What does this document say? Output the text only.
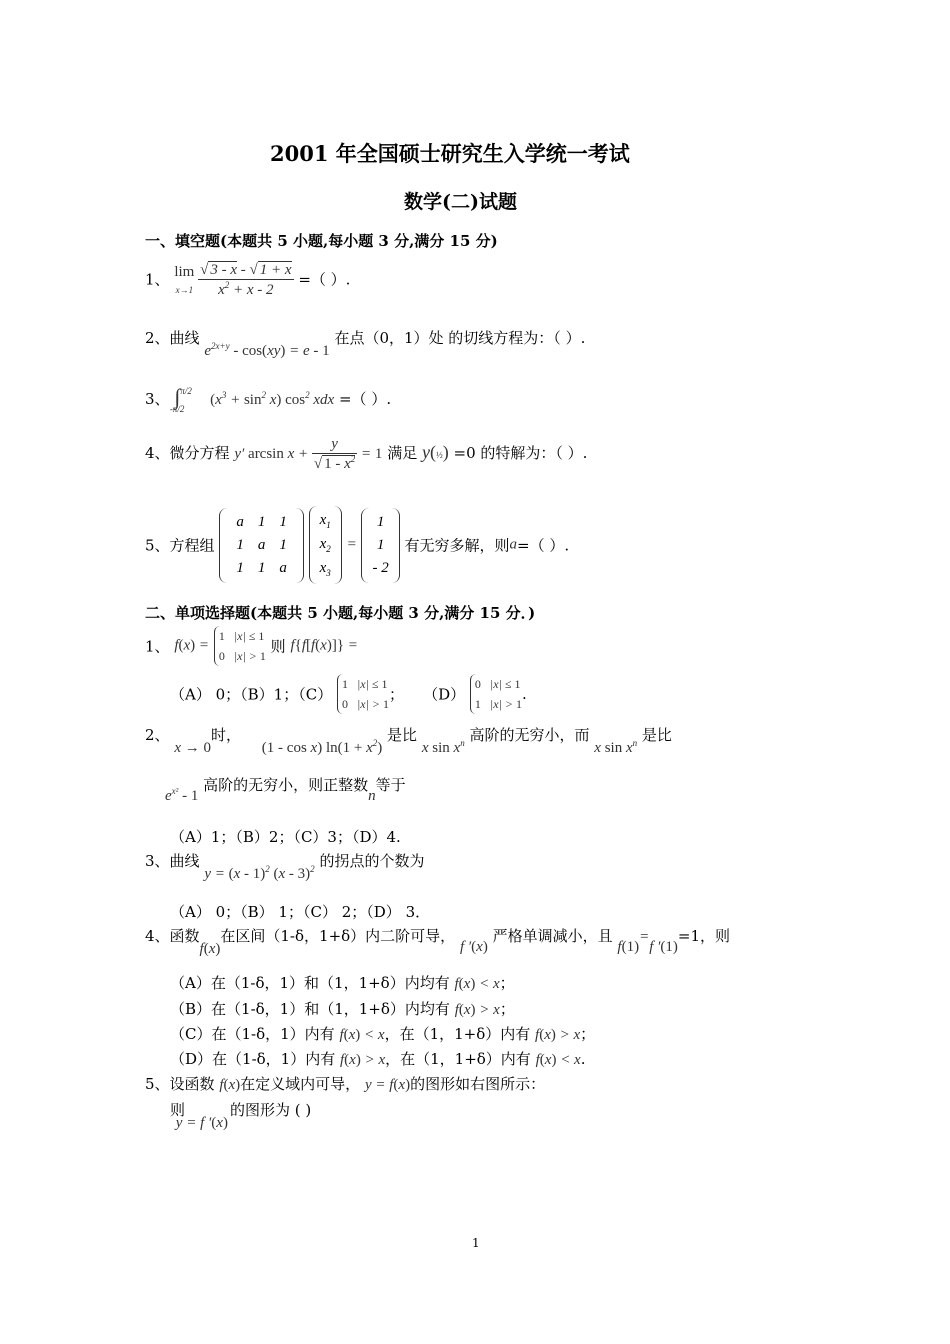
2001 年全国硕士研究生入学统一考试
数学(二)试题
一、填空题(本题共 5 小题,每小题 3 分,满分 15 分)
1、 lim
$x\to 1 \frac{√ 3 - x - √ 1 + x}{x^2 + x - 2}$ =（ ）.
2、曲线 $e^{2x+y} - \cos(xy) = e - 1$ 在点（0，1）处 的切线方程为：（ ）.
3、 ∫$^{\pi/2}_{-\pi/2}$ $(x^3 + \sin^2 x)$ $\cos^2$ xdx =（ ）.
4、微分方程 y′ $\arcsin x + \frac{y}{√ 1 - x^2} = 1$ 满足 y(½) =0 的特解为：（ ）.
5、方程组
a	1	1
1	a	1
1	1	a

$x_1$
$x_2$
$x_3$
=
1
1
- 2
有无穷多解，则a=（ ）.
二、单项选择题(本题共 5 小题,每小题 3 分,满分 15 分．)
1、 f(x) = 1   |x| ≤ 1
0   |x| > 1 则 f{f[f(x)]} =
（A） 0；（B）1；（C） 1   |x| ≤ 1
0   |x| > 1；    （D） 0   |x| ≤ 1
1   |x| > 1.
2、 x → 0时， (1 - cos x) $\ln(1 + x^2)$ 是比 x $\sin x^n$ 高阶的无穷小，而 x $\sin x^n$ 是比
$e^{x^2} - 1$ 高阶的无穷小，则正整数n等于
（A）1；（B）2；（C）3；（D）4.
3、曲线 y = (x - 1)$^2$ (x - 3)$^2$ 的拐点的个数为
（A） 0；（B） 1；（C） 2；（D） 3．
4、函数f(x)在区间（1-δ，1+δ）内二阶可导， f ′(x) 严格单调减小，且 f(1)=f ′(1)=1，则
（A）在（1-δ，1）和（1，1+δ）内均有 f(x) < x；
（B）在（1-δ，1）和（1，1+δ）内均有 f(x) > x；
（C）在（1-δ，1）内有 f(x) < x，在（1，1+δ）内有 f(x) > x；
（D）在（1-δ，1）内有 f(x) > x，在（1，1+δ）内有 f(x) < x.
5、设函数 f(x)在定义域内可导， y = f(x)的图形如右图所示：
则 y = f ′(x)的图形为 ( )
1
